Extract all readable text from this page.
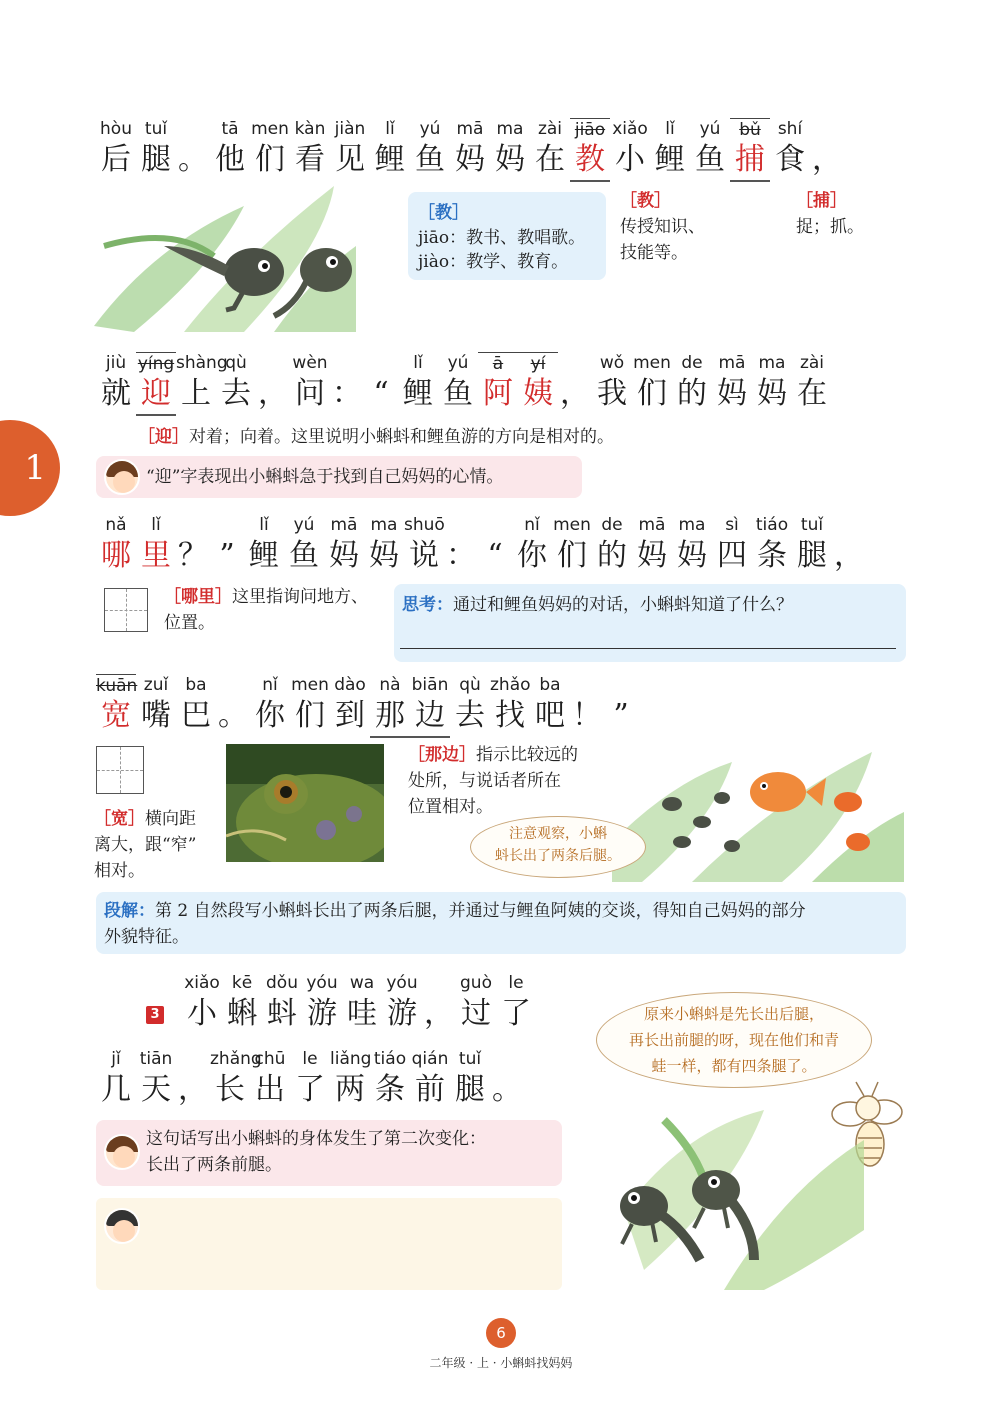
hòu
后
tuǐ
腿 。
tā
他
men
们
kàn
看
jiàn
见
lǐ
鲤
yú
鱼
mā
妈
ma
妈
zài
在
jiāo
教
xiǎo
小
lǐ
鲤
yú
鱼
bǔ
捕
shí
食 ，
［教］
jiāo：教书、教唱歌。
jiào：教学、教育。
［教］
传授知识、
技能等。
［捕］
捉；抓。
jiù
就
yíng
迎
shàng
上
qù
去 ，
wèn
问 ： “
lǐ
鲤
yú
鱼
ā
阿
yí
姨 ，
wǒ
我
men
们
de
的
mā
妈
ma
妈
zài
在
［迎］对着；向着。这里说明小蝌蚪和鲤鱼游的方向是相对的。
1	“迎”字表现出小蝌蚪急于找到自己妈妈的心情。
nǎ
哪
lǐ
里 ？ ”
lǐ
鲤
yú
鱼
mā
妈
ma
妈
shuō
说 ： “
nǐ
你
men
们
de
的
mā
妈
ma
妈
sì
四
tiáo
条
tuǐ
腿 ，
［哪里］这里指询问地方、
位置。
思考：通过和鲤鱼妈妈的对话，小蝌蚪知道了什么？
kuān
宽
zuǐ
嘴
ba
巴 。
nǐ
你
men
们
dào
到
nà
那
biān
边
qù
去
zhǎo
找
ba
吧 ！ ”
［宽］横向距
离大，跟“窄”
相对。
［那边］指示比较远的
处所，与说话者所在
位置相对。
注意观察，小蝌
蚪长出了两条后腿。
段解：第 2 自然段写小蝌蚪长出了两条后腿，并通过与鲤鱼阿姨的交谈，得知自己妈妈的部分
外貌特征。
3
xiǎo
小
kē
蝌
dǒu
蚪
yóu
游
wa
哇
yóu
游 ，
guò
过
le
了
jǐ
几
tiān
天 ，
zhǎng
长
chū
出
le
了
liǎng
两
tiáo
条
qián
前
tuǐ
腿 。
原来小蝌蚪是先长出后腿，
再长出前腿的呀，现在他们和青
蛙一样，都有四条腿了。
这句话写出小蝌蚪的身体发生了第二次变化：
长出了两条前腿。
6
二年级 · 上 · 小蝌蚪找妈妈
